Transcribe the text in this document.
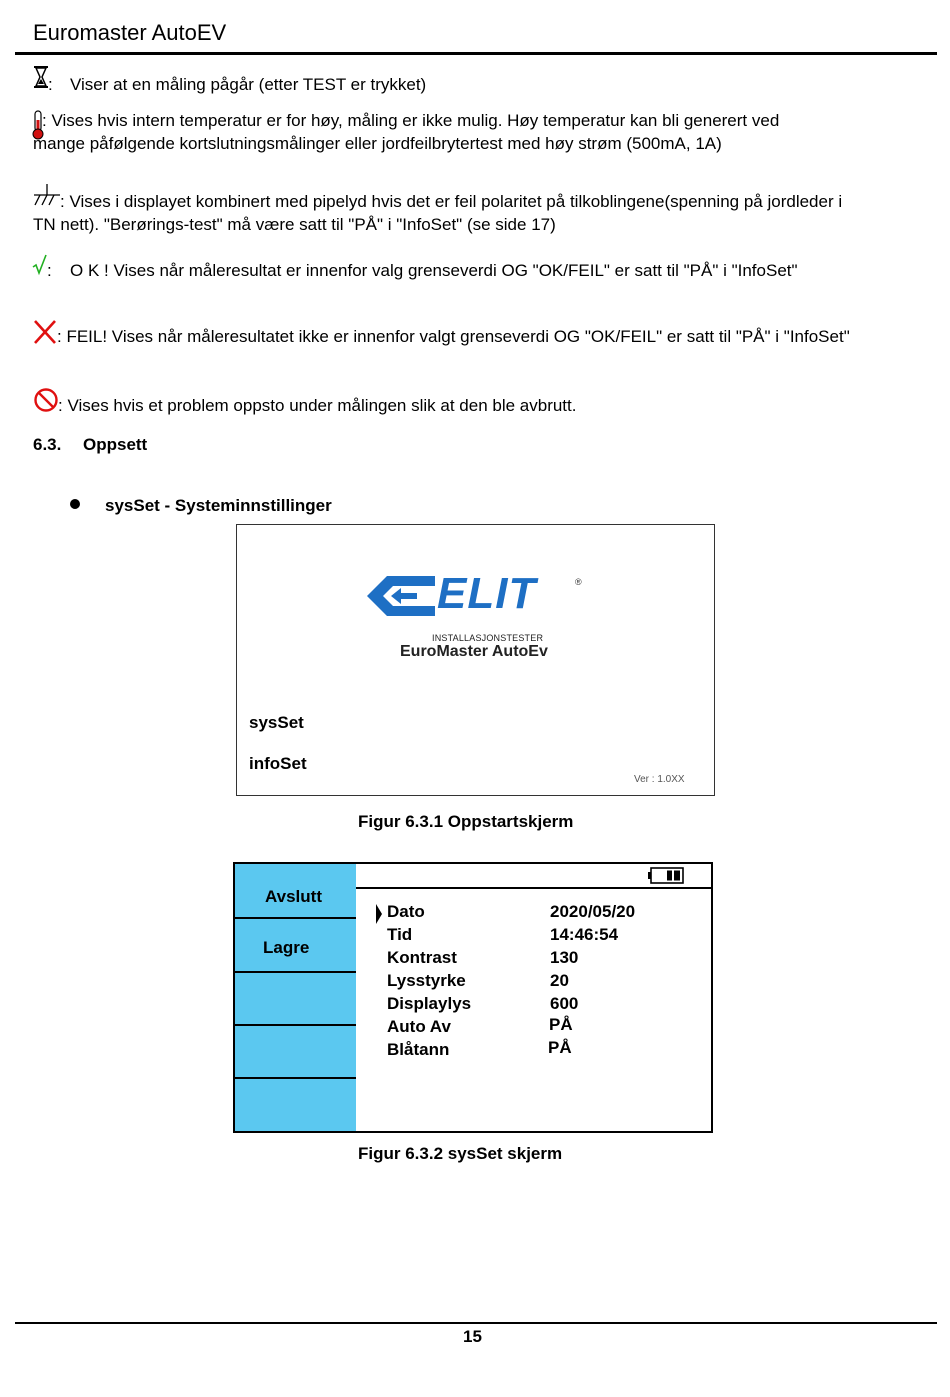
Euromaster AutoEV
: Viser at en måling pågår (etter TEST er trykket)
: Vises hvis intern temperatur er for høy, måling er ikke mulig. Høy temperatur kan bli generert ved
mange påfølgende kortslutningsmålinger eller jordfeilbrytertest med høy strøm (500mA, 1A)
: Vises i displayet kombinert med pipelyd hvis det er feil polaritet på tilkoblingene(spenning på jordleder i
TN nett). "Berørings-test" må være satt til "PÅ" i "InfoSet" (se side 17)
: O K ! Vises når måleresultat er innenfor valg grenseverdi OG "OK/FEIL" er satt til "PÅ" i "InfoSet"
: FEIL! Vises når måleresultatet ikke er innenfor valgt grenseverdi OG "OK/FEIL" er satt til "PÅ" i "InfoSet"
: Vises hvis et problem oppsto under målingen slik at den ble avbrutt.
6.3. Oppsett
sysSet - Systeminnstillinger
ELIT	®
INSTALLASJONSTESTER
EuroMaster AutoEv
sysSet
infoSet
Ver : 1.0XX
Figur 6.3.1 Oppstartskjerm
Avslutt
Lagre
Dato	2020/05/20
Tid	14:46:54
Kontrast	130
Lysstyrke	20
Displaylys	600
Auto Av	PÅ
Blåtann	PÅ
Figur 6.3.2 sysSet skjerm
15
